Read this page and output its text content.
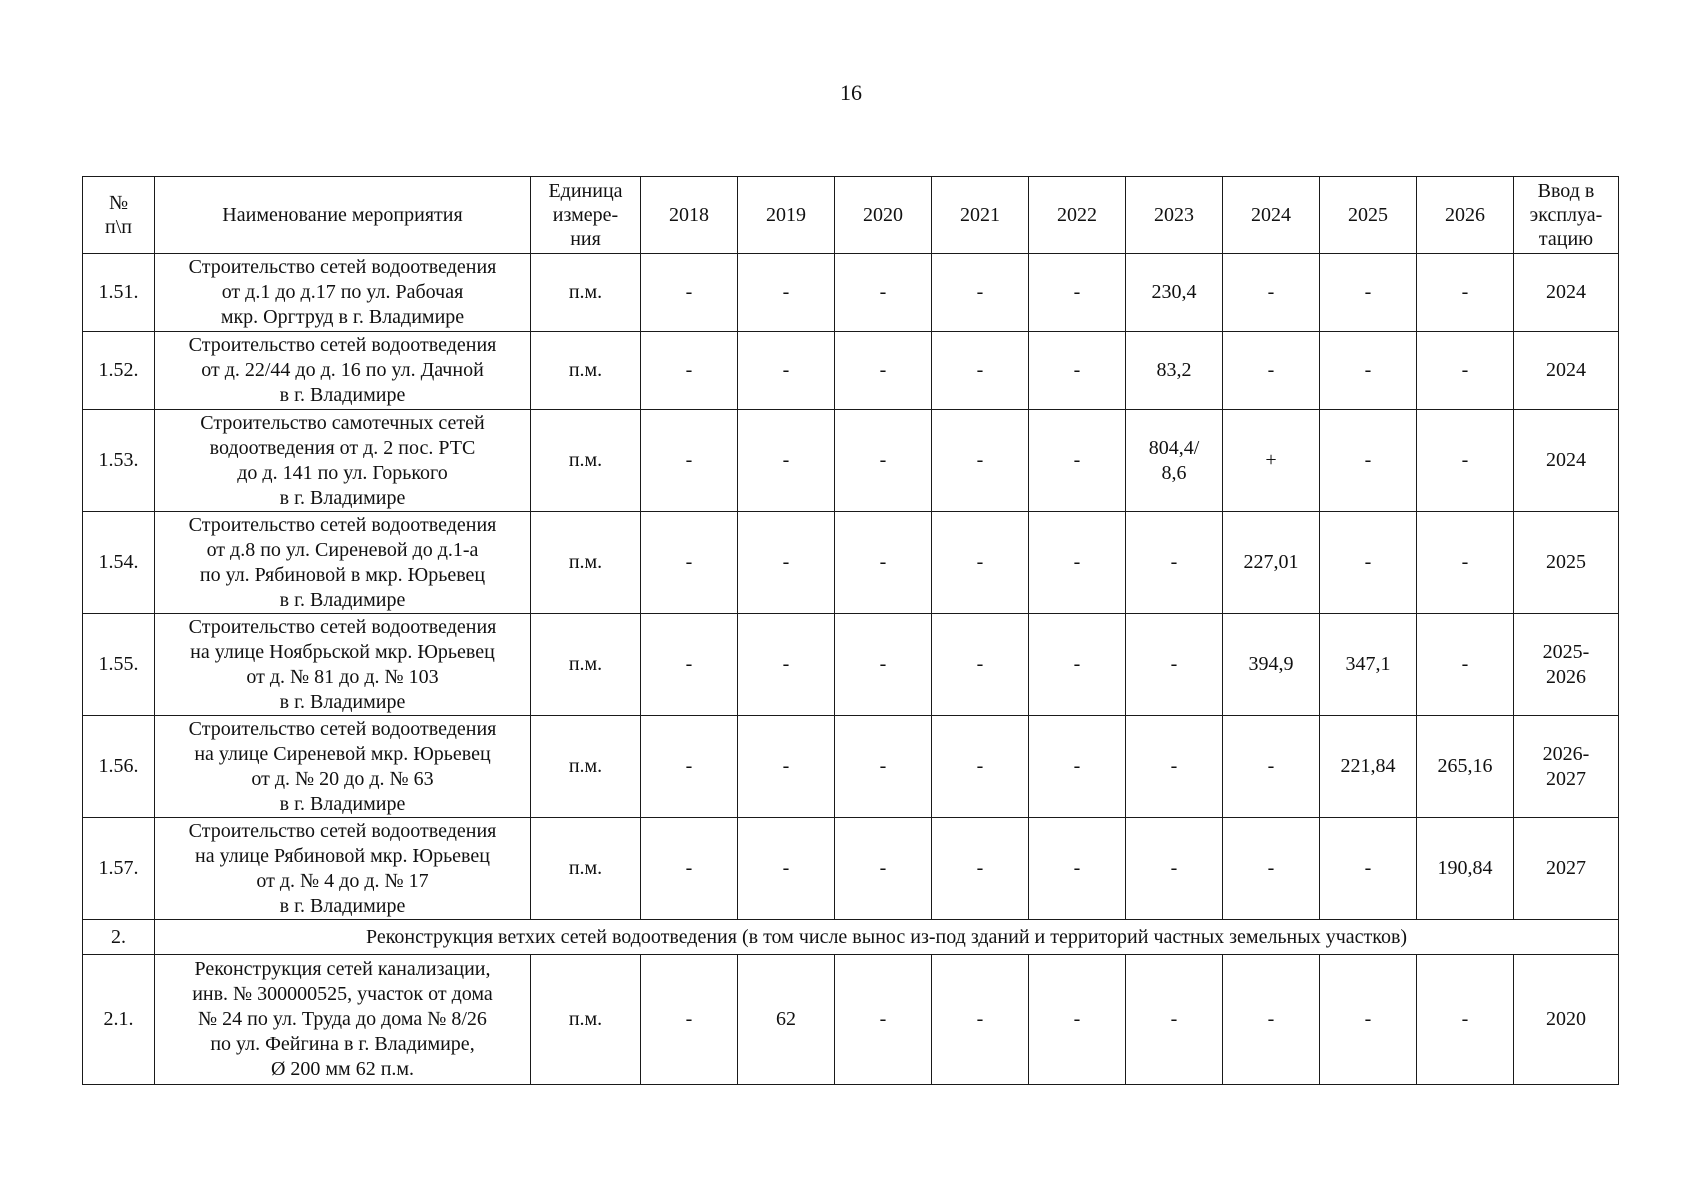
16
№
п\п	Наименование мероприятия	Единица
измере-
ния	2018	2019	2020	2021	2022	2023	2024	2025	2026	Ввод в
эксплуа-
тацию
1.51.	Строительство сетей водоотведения
от д.1 до д.17 по ул. Рабочая
мкр. Оргтруд в г. Владимире	п.м.	-	-	-	-	-	230,4	-	-	-	2024
1.52.	Строительство сетей водоотведения
от д. 22/44 до д. 16 по ул. Дачной
в г. Владимире	п.м.	-	-	-	-	-	83,2	-	-	-	2024
1.53.	Строительство самотечных сетей
водоотведения от д. 2 пос. РТС
до д. 141 по ул. Горького
в г. Владимире	п.м.	-	-	-	-	-	804,4/
8,6	+	-	-	2024
1.54.	Строительство сетей водоотведения
от д.8 по ул. Сиреневой до д.1-а
по ул. Рябиновой в мкр. Юрьевец
в г. Владимире	п.м.	-	-	-	-	-	-	227,01	-	-	2025
1.55.	Строительство сетей водоотведения
на улице Ноябрьской мкр. Юрьевец
от д. № 81 до д. № 103
в г. Владимире	п.м.	-	-	-	-	-	-	394,9	347,1	-	2025-
2026
1.56.	Строительство сетей водоотведения
на улице Сиреневой мкр. Юрьевец
от д. № 20 до д. № 63
в г. Владимире	п.м.	-	-	-	-	-	-	-	221,84	265,16	2026-
2027
1.57.	Строительство сетей водоотведения
на улице Рябиновой мкр. Юрьевец
от д. № 4 до д. № 17
в г. Владимире	п.м.	-	-	-	-	-	-	-	-	190,84	2027
2.	Реконструкция ветхих сетей водоотведения (в том числе вынос из-под зданий и территорий частных земельных участков)											
2.1.	Реконструкция сетей канализации,
инв. № 300000525, участок от дома
№ 24 по ул. Труда до дома № 8/26
по ул. Фейгина в г. Владимире,
Ø 200 мм 62 п.м.	п.м.	-	62	-	-	-	-	-	-	-	2020
